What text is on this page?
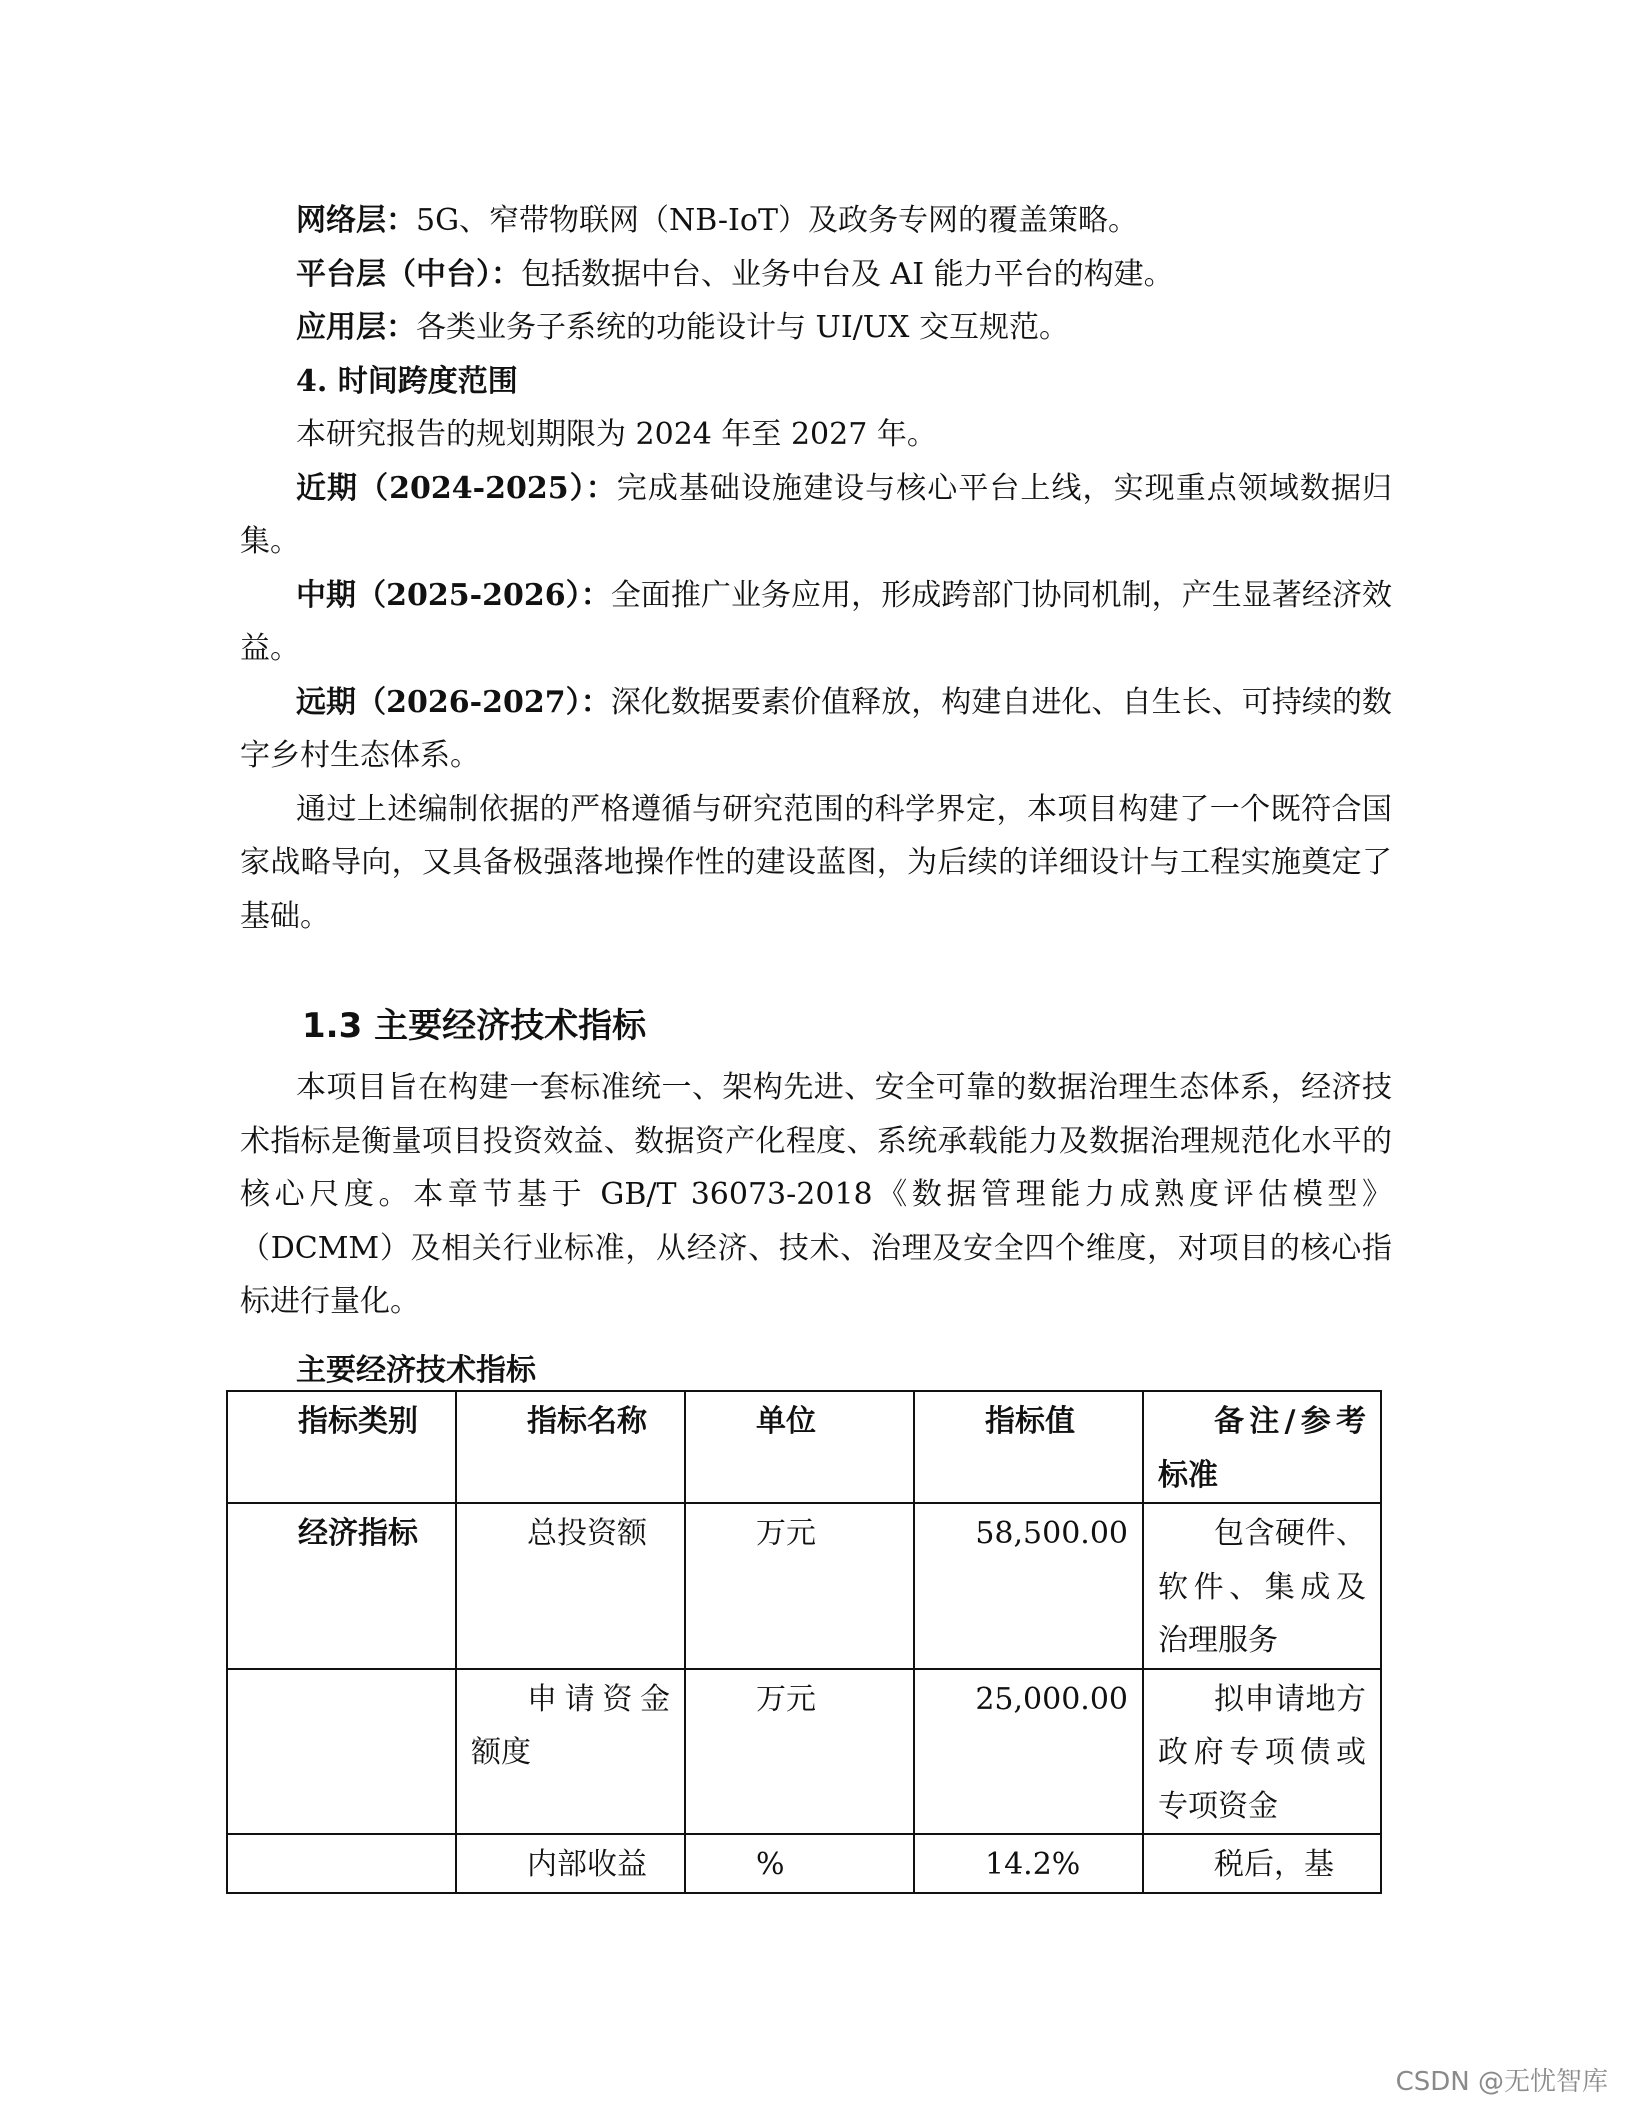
网络层：5G、窄带物联网（NB-IoT）及政务专网的覆盖策略。

平台层（中台）：包括数据中台、业务中台及 AI 能力平台的构建。

应用层：各类业务子系统的功能设计与 UI/UX 交互规范。

4. 时间跨度范围

本研究报告的规划期限为 2024 年至 2027 年。

近期（2024-2025）：完成基础设施建设与核心平台上线，实现重点领域数据归集。

中期（2025-2026）：全面推广业务应用，形成跨部门协同机制，产生显著经济效益。

远期（2026-2027）：深化数据要素价值释放，构建自进化、自生长、可持续的数字乡村生态体系。

通过上述编制依据的严格遵循与研究范围的科学界定，本项目构建了一个既符合国家战略导向，又具备极强落地操作性的建设蓝图，为后续的详细设计与工程实施奠定了基础。

1.3 主要经济技术指标

本项目旨在构建一套标准统一、架构先进、安全可靠的数据治理生态体系，经济技术指标是衡量项目投资效益、数据资产化程度、系统承载能力及数据治理规范化水平的核心尺度。本章节基于 GB/T 36073-2018《数据管理能力成熟度评估模型》（DCMM）及相关行业标准，从经济、技术、治理及安全四个维度，对项目的核心指标进行量化。

主要经济技术指标

指标类别	指标名称	单位	指标值	备注/参考标准
经济指标	总投资额	万元	58,500.00	包含硬件、软件、集成及治理服务
	申请资金额度	万元	25,000.00	拟申请地方政府专项债或专项资金
	内部收益	%	14.2%	税后，基

CSDN @无忧智库
